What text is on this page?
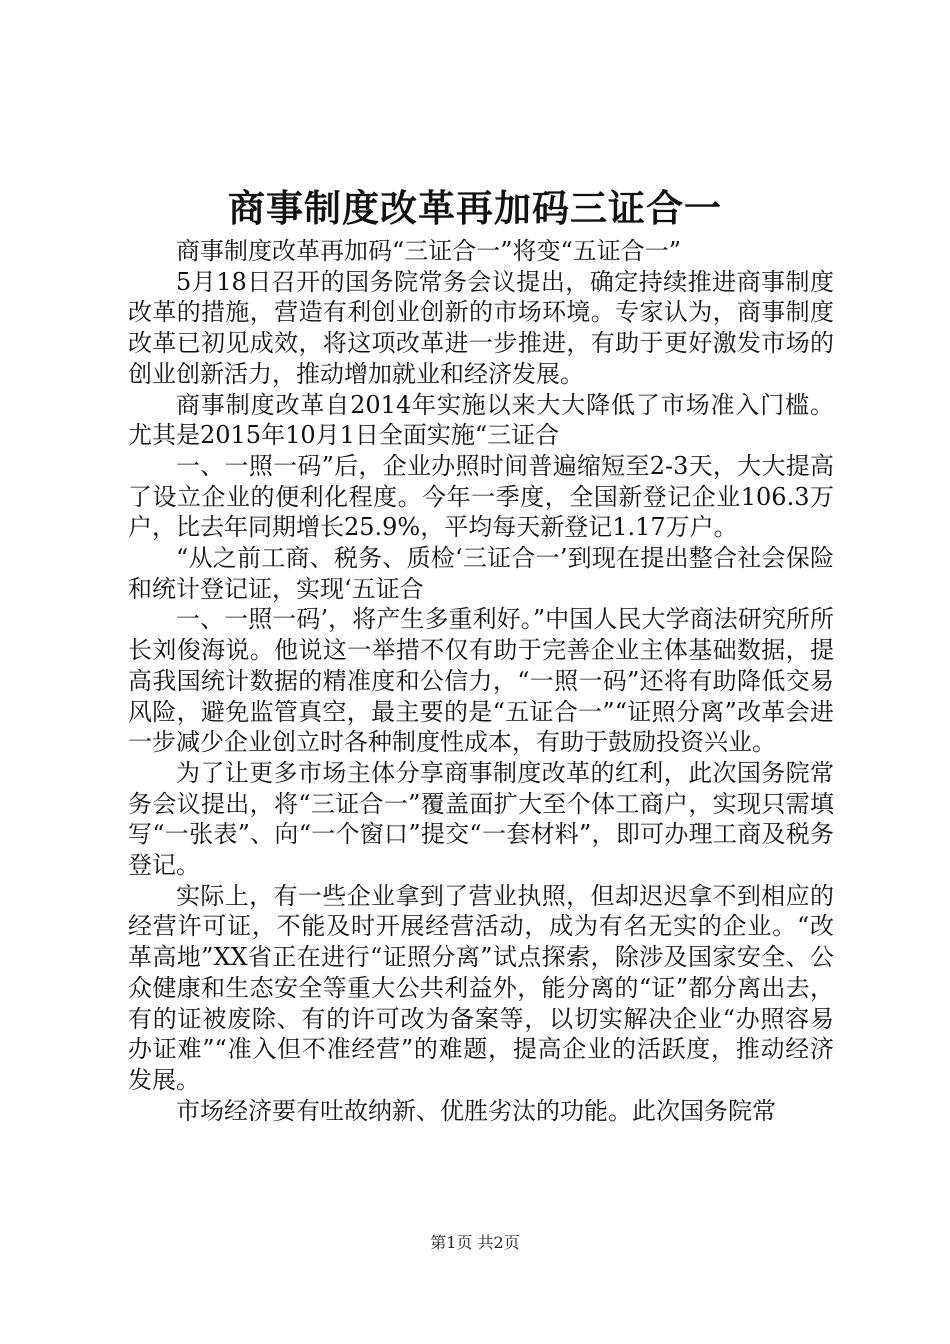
商事制度改革再加码三证合一

商事制度改革再加码“三证合一”将变“五证合一”

5月18日召开的国务院常务会议提出，确定持续推进商事制度改革的措施，营造有利创业创新的市场环境。专家认为，商事制度改革已初见成效，将这项改革进一步推进，有助于更好激发市场的创业创新活力，推动增加就业和经济发展。

商事制度改革自2014年实施以来大大降低了市场准入门槛。尤其是2015年10月1日全面实施“三证合

一、一照一码”后，企业办照时间普遍缩短至2-3天，大大提高了设立企业的便利化程度。今年一季度，全国新登记企业106.3万户，比去年同期增长25.9%，平均每天新登记1.17万户。

“从之前工商、税务、质检‘三证合一’到现在提出整合社会保险和统计登记证，实现‘五证合

一、一照一码’，将产生多重利好。”中国人民大学商法研究所所长刘俊海说。他说这一举措不仅有助于完善企业主体基础数据，提高我国统计数据的精准度和公信力，“一照一码”还将有助降低交易风险，避免监管真空，最主要的是“五证合一”“证照分离”改革会进一步减少企业创立时各种制度性成本，有助于鼓励投资兴业。

为了让更多市场主体分享商事制度改革的红利，此次国务院常务会议提出，将“三证合一”覆盖面扩大至个体工商户，实现只需填写“一张表”、向“一个窗口”提交“一套材料”，即可办理工商及税务登记。

实际上，有一些企业拿到了营业执照，但却迟迟拿不到相应的经营许可证，不能及时开展经营活动，成为有名无实的企业。“改革高地”XX省正在进行“证照分离”试点探索，除涉及国家安全、公众健康和生态安全等重大公共利益外，能分离的“证”都分离出去，有的证被废除、有的许可改为备案等，以切实解决企业“办照容易办证难”“准入但不准经营”的难题，提高企业的活跃度，推动经济发展。

市场经济要有吐故纳新、优胜劣汰的功能。此次国务院常

第1页 共2页
